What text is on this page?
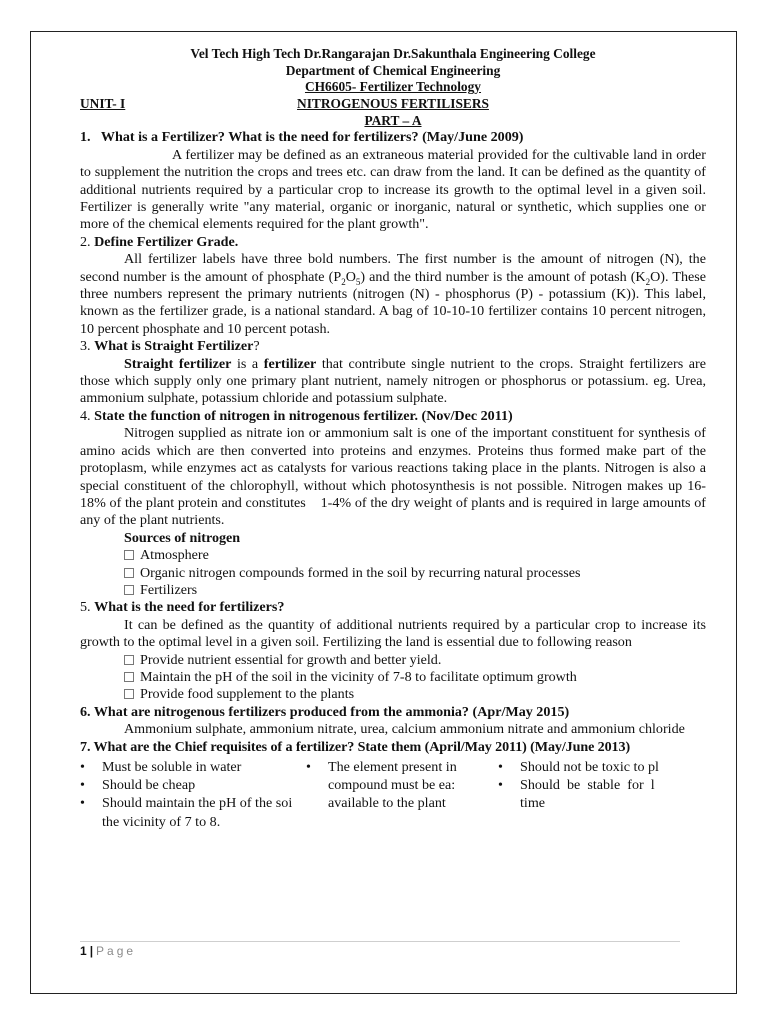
Vel Tech High Tech Dr.Rangarajan Dr.Sakunthala Engineering College
Department of Chemical Engineering
CH6605- Fertilizer Technology
UNIT- I	NITROGENOUS FERTILISERS
PART – A
1.   What is a Fertilizer? What is the need for fertilizers? (May/June 2009)
A fertilizer may be defined as an extraneous material provided for the cultivable land in order to supplement the nutrition the crops and trees etc. can draw from the land. It can be defined as the quantity of additional nutrients required by a particular crop to increase its growth to the optimal level in a given soil. Fertilizer is generally write "any material, organic or inorganic, natural or synthetic, which supplies one or more of the chemical elements required for the plant growth".
2. Define Fertilizer Grade.
All fertilizer labels have three bold numbers. The first number is the amount of nitrogen (N), the second number is the amount of phosphate $(P_2O_5)$ and the third number is the amount of potash $(K_2O)$. These three numbers represent the primary nutrients (nitrogen (N) - phosphorus (P) - potassium (K)). This label, known as the fertilizer grade, is a national standard. A bag of 10-10-10 fertilizer contains 10 percent nitrogen, 10 percent phosphate and 10 percent potash.
3. What is Straight Fertilizer?
Straight fertilizer is a fertilizer that contribute single nutrient to the crops. Straight fertilizers are those which supply only one primary plant nutrient, namely nitrogen or phosphorus or potassium. eg. Urea, ammonium sulphate, potassium chloride and potassium sulphate.
4. State the function of nitrogen in nitrogenous fertilizer. (Nov/Dec 2011)
Nitrogen supplied as nitrate ion or ammonium salt is one of the important constituent for synthesis of amino acids which are then converted into proteins and enzymes. Proteins thus formed make part of the protoplasm, while enzymes act as catalysts for various reactions taking place in the plants. Nitrogen is also a special constituent of the chlorophyll, without which photosynthesis is not possible. Nitrogen makes up 16-18% of the plant protein and constitutes    1-4% of the dry weight of plants and is required in large amounts of any of the plant nutrients.
Sources of nitrogen
Atmosphere
Organic nitrogen compounds formed in the soil by recurring natural processes
Fertilizers
5. What is the need for fertilizers?
It can be defined as the quantity of additional nutrients required by a particular crop to increase its growth to the optimal level in a given soil. Fertilizing the land is essential due to following reason
Provide nutrient essential for growth and better yield.
Maintain the pH of the soil in the vicinity of 7-8 to facilitate optimum growth
Provide food supplement to the plants
6. What are nitrogenous fertilizers produced from the ammonia? (Apr/May 2015)
Ammonium sulphate, ammonium nitrate, urea, calcium ammonium nitrate and ammonium chloride
7. What are the Chief requisites of a fertilizer? State them (April/May 2011) (May/June 2013)
• Must be soluble in water
• Should be cheap
• Should maintain the pH of the soi
the vicinity of 7 to 8.
• The element present in
compound must be ea:
available to the plant
• Should not be toxic to pl
• Should  be  stable  for  l
time
1 | Page
